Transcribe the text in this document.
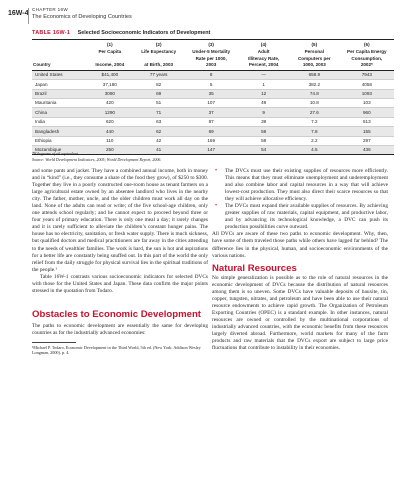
16W-4
CHAPTER 16W
The Economics of Developing Countries
TABLE 16W-1 Selected Socioeconomic Indicators of Development
	(1)	(2)	(3)	(4)	(5)	(6)
	Per Capita	Life Expectancy	Under-5 Mortality	Adult	Personal	Per Capita Energy
			Rate per 1000,	Illiteracy Rate,	Computers per	Consumption,
Country	Income, 2004	at Birth, 2003	2003	Percent, 2004	1000, 2003	2002*
United States	$41,400	77 years	8	—	658.9	7943
Japan	37,180	82	5	1	382.2	4058
Brazil	3090	69	35	12	74.8	1093
Mauritania	420	51	107	49	10.8	103
China	1290	71	37	9	27.6	960
India	620	63	87	39	7.2	513
Bangladesh	440	62	69	59	7.8	155
Ethiopia	110	42	169	58	2.2	297
Mozambique	250	41	147	54	4.5	436
*Kilograms of oil equivalent.
Source: World Development Indicators, 2005; World Development Report, 2006.

and some pants and jacket. They have a combined annual income, both in money and in “kind” (i.e., they consume a share of the food they grow), of $250 to $300. Together they live in a poorly constructed one-room house as tenant farmers on a large agricultural estate owned by an absentee landlord who lives in the nearby city. The father, mother, uncle, and the older children must work all day on the land. None of the adults can read or write; of the five school-age children, only one attends school regularly; and he cannot expect to proceed beyond three or four years of primary education. There is only one meal a day; it rarely changes and it is rarely sufficient to alleviate the children’s constant hunger pains. The house has no electricity, sanitation, or fresh water supply. There is much sickness, but qualified doctors and medical practitioners are far away in the cities attending to the needs of wealthier families. The work is hard, the sun is hot and aspirations for a better life are constantly being snuffed out. In this part of the world the only relief from the daily struggle for physical survival lies in the spiritual traditions of the people.¹

Table 16W-1 contrasts various socioeconomic indicators for selected DVCs with those for the United States and Japan. These data confirm the major points stressed in the quotation from Todaro.

Obstacles to Economic Development

The paths to economic development are essentially the same for developing countries as for the industrially advanced economies:

¹Michael P. Todaro, Economic Development in the Third World, 5th ed. (New York: Addison Wesley Longman, 2000), p. 4.

• The DVCs must use their existing supplies of resources more efficiently. This means that they must eliminate unemployment and underemployment and also combine labor and capital resources in a way that will achieve lowest-cost production. They must also direct their scarce resources so that they will achieve allocative efficiency.
• The DVCs must expand their available supplies of resources. By achieving greater supplies of raw materials, capital equipment, and productive labor, and by advancing its technological knowledge, a DVC can push its production possibilities curve outward.

All DVCs are aware of these two paths to economic development. Why, then, have some of them traveled those paths while others have lagged far behind? The difference lies in the physical, human, and socioeconomic environments of the various nations.

Natural Resources

No simple generalization is possible as to the role of natural resources in the economic development of DVCs because the distribution of natural resources among them is so uneven. Some DVCs have valuable deposits of bauxite, tin, copper, tungsten, nitrates, and petroleum and have been able to use their natural resource endowments to achieve rapid growth. The Organization of Petroleum Exporting Countries (OPEC) is a standard example. In other instances, natural resources are owned or controlled by the multinational corporations of industrially advanced countries, with the economic benefits from these resources largely diverted abroad. Furthermore, world markets for many of the farm products and raw materials that the DVCs export are subject to large price fluctuations that contribute to instability in their economies.
